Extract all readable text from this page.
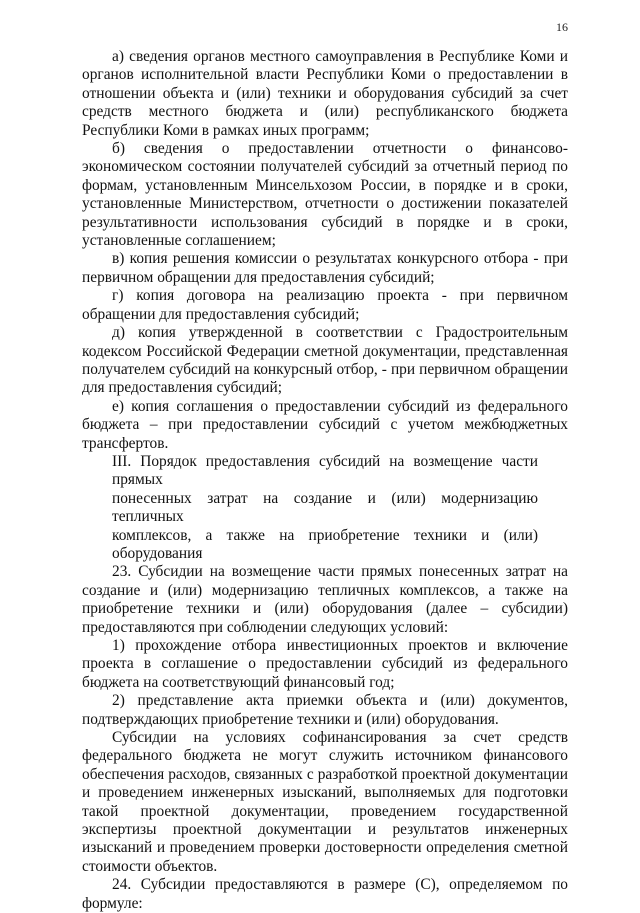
16

а) сведения органов местного самоуправления в Республике Коми и органов исполнительной власти Республики Коми о предоставлении в отношении объекта и (или) техники и оборудования субсидий за счет средств местного бюджета и (или) республиканского бюджета Республики Коми в рамках иных программ;

б) сведения о предоставлении отчетности о финансово-экономическом состоянии получателей субсидий за отчетный период по формам, установленным Минсельхозом России, в порядке и в сроки, установленные Министерством, отчетности о достижении показателей результативности использования субсидий в порядке и в сроки, установленные соглашением;

в) копия решения комиссии о результатах конкурсного отбора - при первичном обращении для предоставления субсидий;

г) копия договора на реализацию проекта - при первичном обращении для предоставления субсидий;

д) копия утвержденной в соответствии с Градостроительным кодексом Российской Федерации сметной документации, представленная получателем субсидий на конкурсный отбор, - при первичном обращении для предоставления субсидий;

е) копия соглашения о предоставлении субсидий из федерального бюджета – при предоставлении субсидий с учетом межбюджетных трансфертов.

III. Порядок предоставления субсидий на возмещение части прямых
понесенных затрат на создание и (или) модернизацию тепличных
комплексов, а также на приобретение техники и (или) оборудования

23. Субсидии на возмещение части прямых понесенных затрат на создание и (или) модернизацию тепличных комплексов, а также на приобретение техники и (или) оборудования (далее – субсидии) предоставляются при соблюдении следующих условий:

1) прохождение отбора инвестиционных проектов и включение проекта в соглашение о предоставлении субсидий из федерального бюджета на соответствующий финансовый год;

2) представление акта приемки объекта и (или) документов, подтверждающих приобретение техники и (или) оборудования.

Субсидии на условиях софинансирования за счет средств федерального бюджета не могут служить источником финансового обеспечения расходов, связанных с разработкой проектной документации и проведением инженерных изысканий, выполняемых для подготовки такой проектной документации, проведением государственной экспертизы проектной документации и результатов инженерных изысканий и проведением проверки достоверности определения сметной стоимости объектов.

24. Субсидии предоставляются в размере (С), определяемом по формуле:
